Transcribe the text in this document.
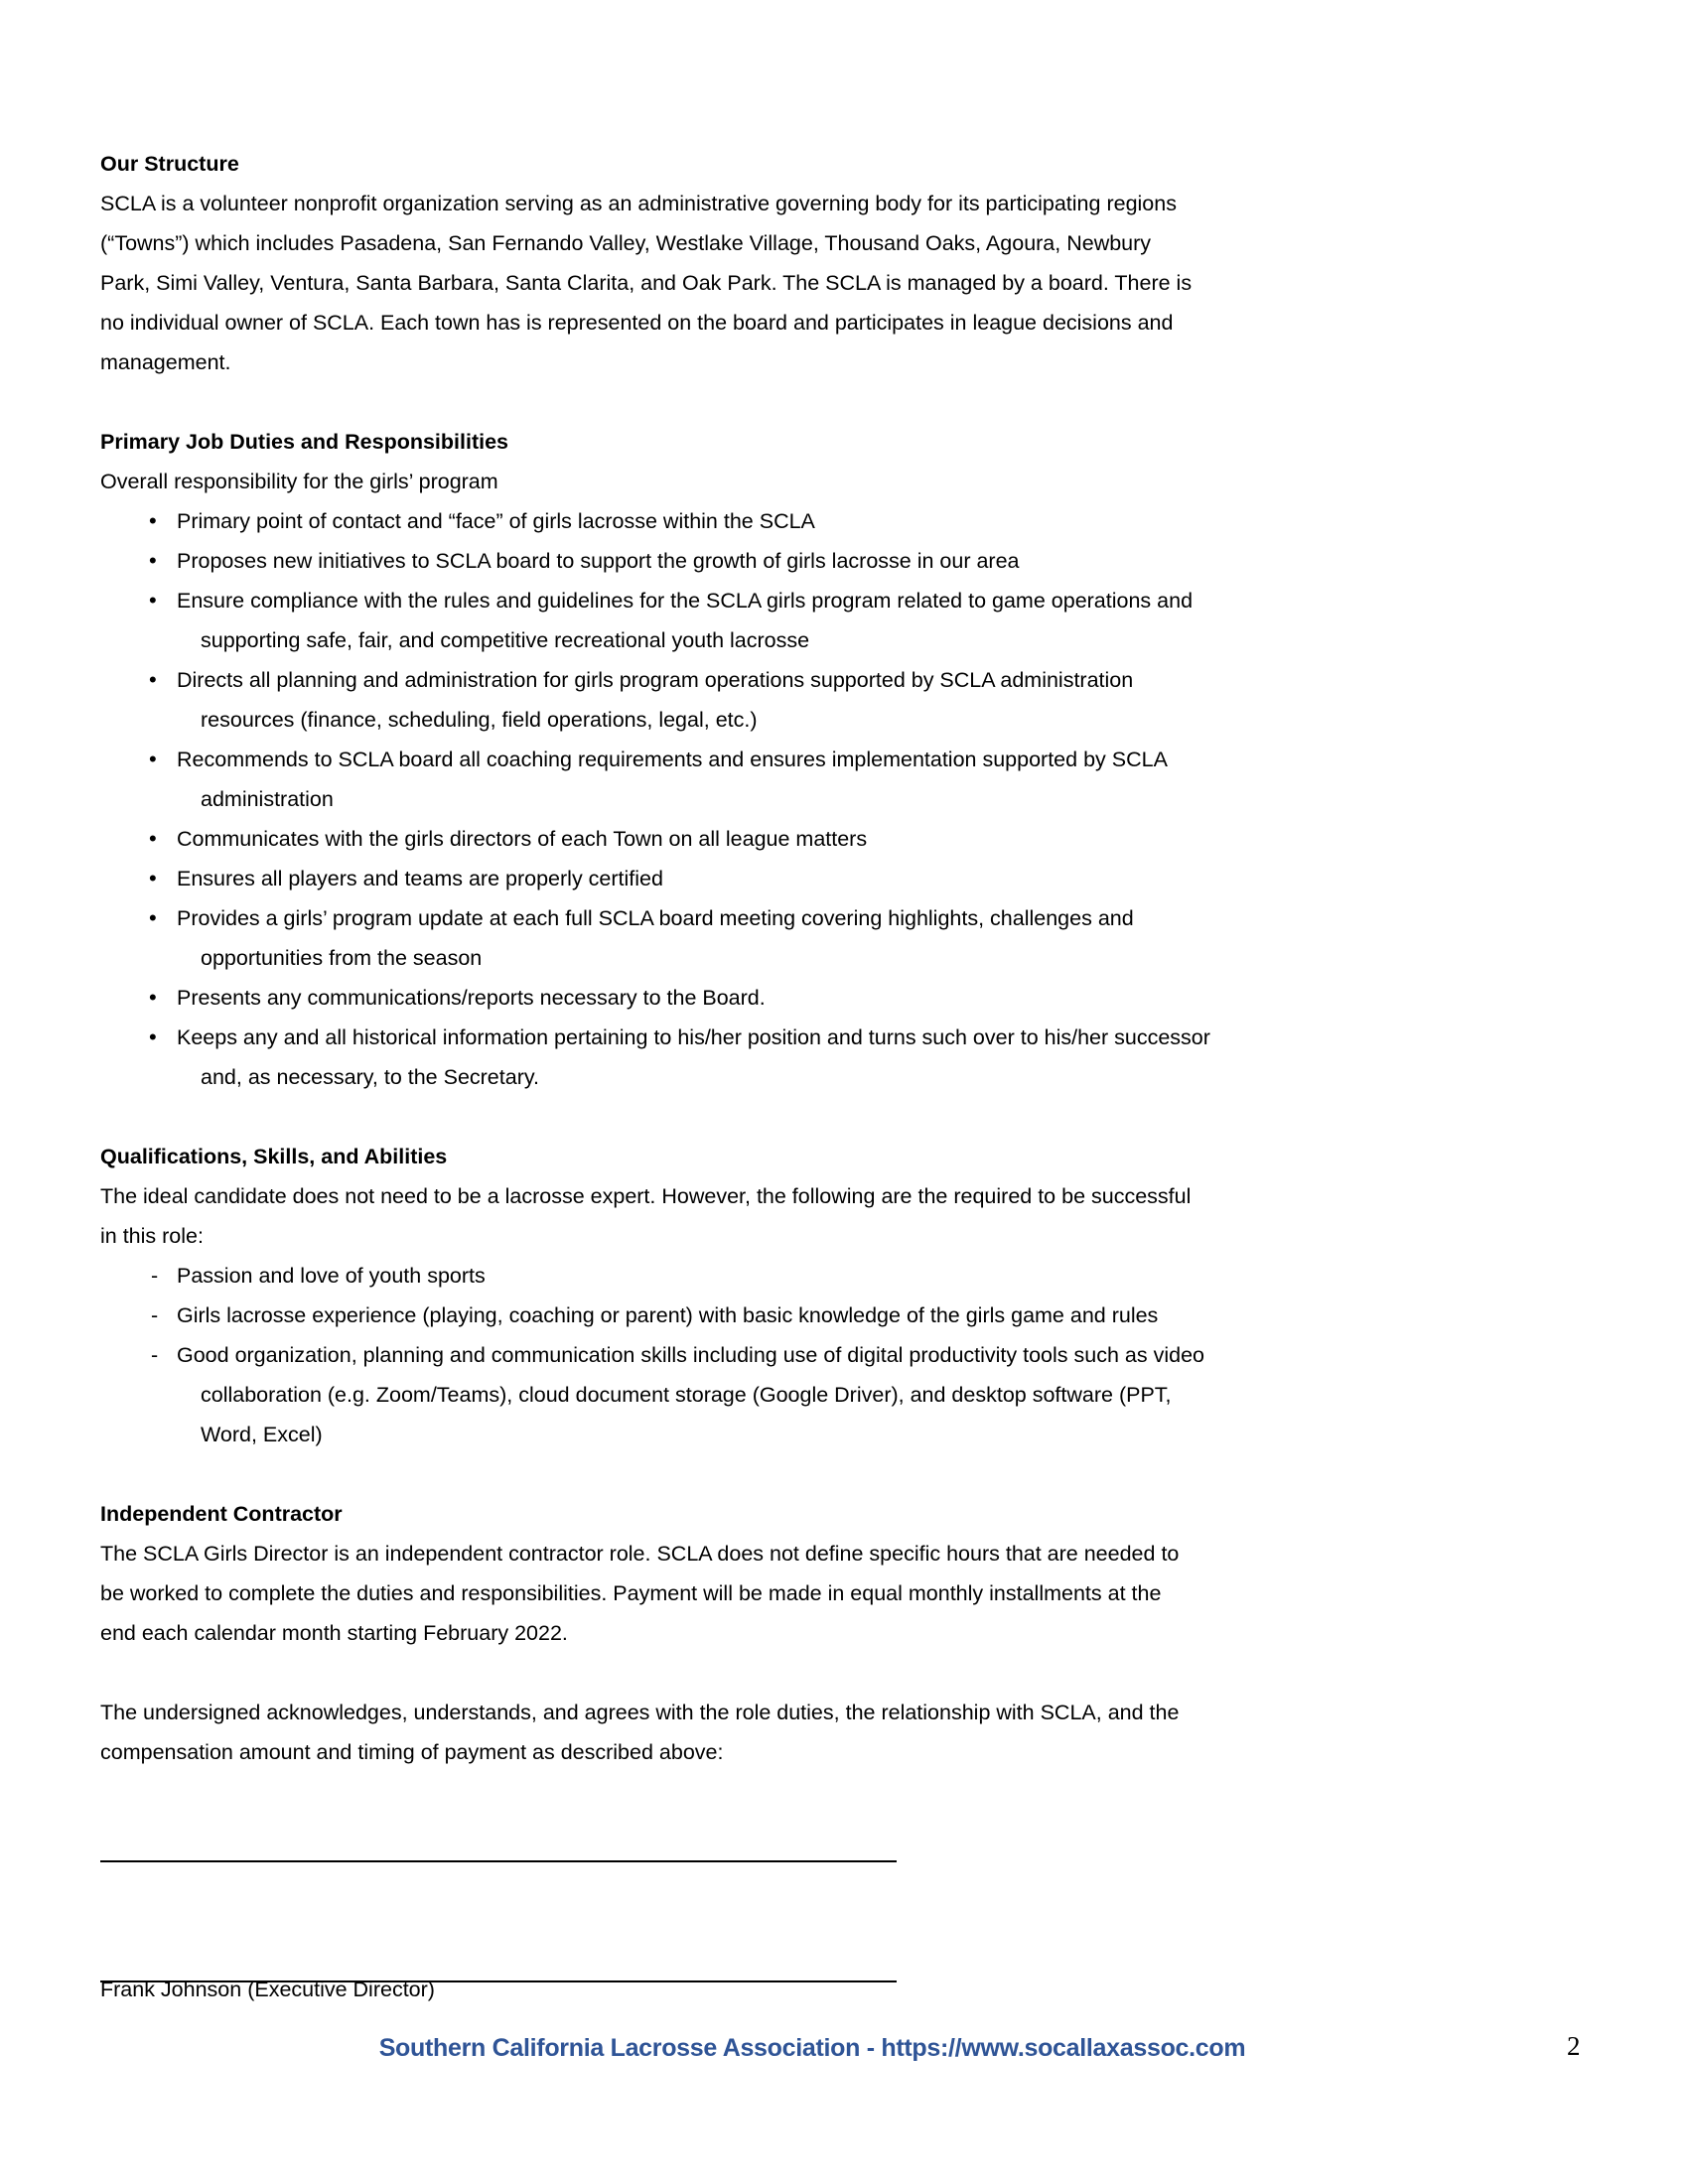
Our Structure
SCLA is a volunteer nonprofit organization serving as an administrative governing body for its participating regions
(“Towns”) which includes Pasadena, San Fernando Valley, Westlake Village, Thousand Oaks, Agoura, Newbury
Park, Simi Valley, Ventura, Santa Barbara, Santa Clarita, and Oak Park. The SCLA is managed by a board. There is
no individual owner of SCLA. Each town has is represented on the board and participates in league decisions and
management.
Primary Job Duties and Responsibilities
Overall responsibility for the girls’ program
• Primary point of contact and “face” of girls lacrosse within the SCLA
• Proposes new initiatives to SCLA board to support the growth of girls lacrosse in our area
• Ensure compliance with the rules and guidelines for the SCLA girls program related to game operations and
supporting safe, fair, and competitive recreational youth lacrosse
• Directs all planning and administration for girls program operations supported by SCLA administration
resources (finance, scheduling, field operations, legal, etc.)
• Recommends to SCLA board all coaching requirements and ensures implementation supported by SCLA
administration
• Communicates with the girls directors of each Town on all league matters
• Ensures all players and teams are properly certified
• Provides a girls’ program update at each full SCLA board meeting covering highlights, challenges and
opportunities from the season
• Presents any communications/reports necessary to the Board.
• Keeps any and all historical information pertaining to his/her position and turns such over to his/her successor
and, as necessary, to the Secretary.
Qualifications, Skills, and Abilities
The ideal candidate does not need to be a lacrosse expert. However, the following are the required to be successful
in this role:
- Passion and love of youth sports
- Girls lacrosse experience (playing, coaching or parent) with basic knowledge of the girls game and rules
- Good organization, planning and communication skills including use of digital productivity tools such as video
collaboration (e.g. Zoom/Teams), cloud document storage (Google Driver), and desktop software (PPT,
Word, Excel)
Independent Contractor
The SCLA Girls Director is an independent contractor role. SCLA does not define specific hours that are needed to
be worked to complete the duties and responsibilities. Payment will be made in equal monthly installments at the
end each calendar month starting February 2022.
The undersigned acknowledges, understands, and agrees with the role duties, the relationship with SCLA, and the
compensation amount and timing of payment as described above:
Frank Johnson (Executive Director)
Southern California Lacrosse Association - https://www.socallaxassoc.com	2
